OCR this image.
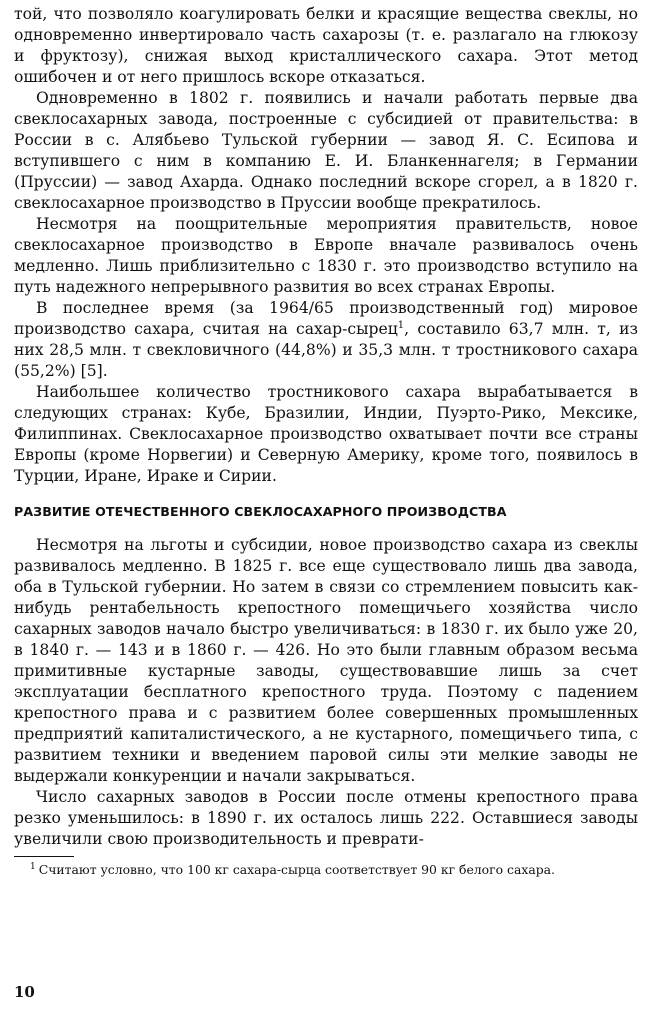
той, что позволяло коагулировать белки и красящие вещества свеклы, но одновременно инвертировало часть сахарозы (т. е. разлагало на глюкозу и фруктозу), снижая выход кристаллического сахара. Этот метод ошибочен и от него пришлось вскоре отказаться.

Одновременно в 1802 г. появились и начали работать первые два свеклосахарных завода, построенные с субсидией от правительства: в России в с. Алябьево Тульской губернии — завод Я. С. Есипова и вступившего с ним в компанию Е. И. Бланкеннагеля; в Германии (Пруссии) — завод Ахарда. Однако последний вскоре сгорел, а в 1820 г. свеклосахарное производство в Пруссии вообще прекратилось.

Несмотря на поощрительные мероприятия правительств, новое свеклосахарное производство в Европе вначале развивалось очень медленно. Лишь приблизительно с 1830 г. это производство вступило на путь надежного непрерывного развития во всех странах Европы.

В последнее время (за 1964/65 производственный год) мировое производство сахара, считая на сахар-сырец$^1$, составило 63,7 млн. т, из них 28,5 млн. т свекловичного (44,8%) и 35,3 млн. т тростникового сахара (55,2%) [5].

Наибольшее количество тростникового сахара вырабатывается в следующих странах: Кубе, Бразилии, Индии, Пуэрто-Рико, Мексике, Филиппинах. Свеклосахарное производство охватывает почти все страны Европы (кроме Норвегии) и Северную Америку, кроме того, появилось в Турции, Иране, Ираке и Сирии.

РАЗВИТИЕ ОТЕЧЕСТВЕННОГО СВЕКЛОСАХАРНОГО ПРОИЗВОДСТВА

Несмотря на льготы и субсидии, новое производство сахара из свеклы развивалось медленно. В 1825 г. все еще существовало лишь два завода, оба в Тульской губернии. Но затем в связи со стремлением повысить как-нибудь рентабельность крепостного помещичьего хозяйства число сахарных заводов начало быстро увеличиваться: в 1830 г. их было уже 20, в 1840 г. — 143 и в 1860 г. — 426. Но это были главным образом весьма примитивные кустарные заводы, существовавшие лишь за счет эксплуатации бесплатного крепостного труда. Поэтому с падением крепостного права и с развитием более совершенных промышленных предприятий капиталистического, а не кустарного, помещичьего типа, с развитием техники и введением паровой силы эти мелкие заводы не выдержали конкуренции и начали закрываться.

Число сахарных заводов в России после отмены крепостного права резко уменьшилось: в 1890 г. их осталось лишь 222. Оставшиеся заводы увеличили свою производительность и преврати-

$^1$ Считают условно, что 100 кг сахара-сырца соответствует 90 кг белого сахара.

10
